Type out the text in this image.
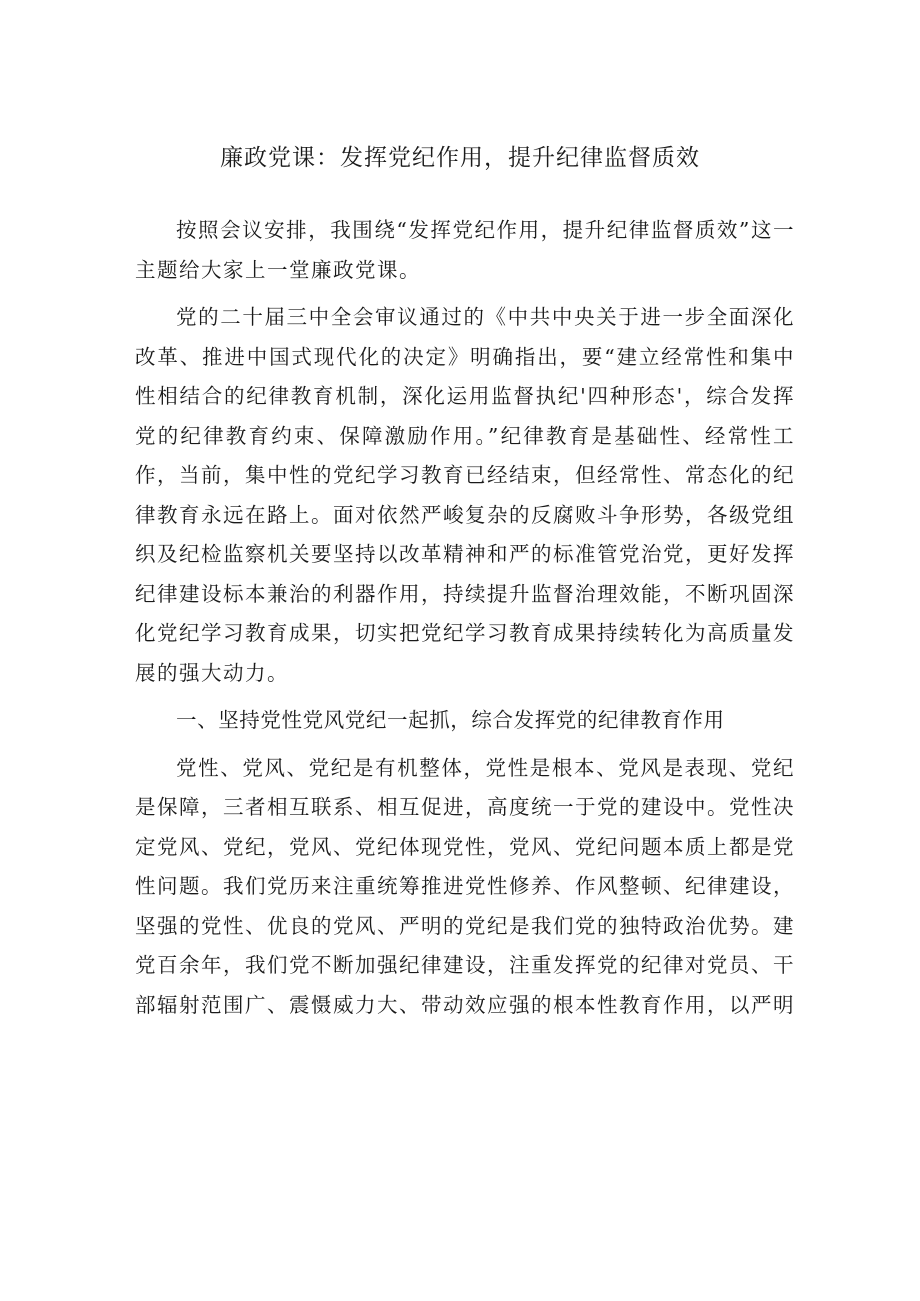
廉政党课：发挥党纪作用，提升纪律监督质效

按照会议安排，我围绕“发挥党纪作用，提升纪律监督质效”这一主题给大家上一堂廉政党课。

党的二十届三中全会审议通过的《中共中央关于进一步全面深化改革、推进中国式现代化的决定》明确指出，要“建立经常性和集中性相结合的纪律教育机制，深化运用监督执纪'四种形态'，综合发挥党的纪律教育约束、保障激励作用。”纪律教育是基础性、经常性工作，当前，集中性的党纪学习教育已经结束，但经常性、常态化的纪律教育永远在路上。面对依然严峻复杂的反腐败斗争形势，各级党组织及纪检监察机关要坚持以改革精神和严的标准管党治党，更好发挥纪律建设标本兼治的利器作用，持续提升监督治理效能，不断巩固深化党纪学习教育成果，切实把党纪学习教育成果持续转化为高质量发展的强大动力。

一、坚持党性党风党纪一起抓，综合发挥党的纪律教育作用

党性、党风、党纪是有机整体，党性是根本、党风是表现、党纪是保障，三者相互联系、相互促进，高度统一于党的建设中。党性决定党风、党纪，党风、党纪体现党性，党风、党纪问题本质上都是党性问题。我们党历来注重统筹推进党性修养、作风整顿、纪律建设，坚强的党性、优良的党风、严明的党纪是我们党的独特政治优势。建党百余年，我们党不断加强纪律建设，注重发挥党的纪律对党员、干部辐射范围广、震慑威力大、带动效应强的根本性教育作用，以严明
